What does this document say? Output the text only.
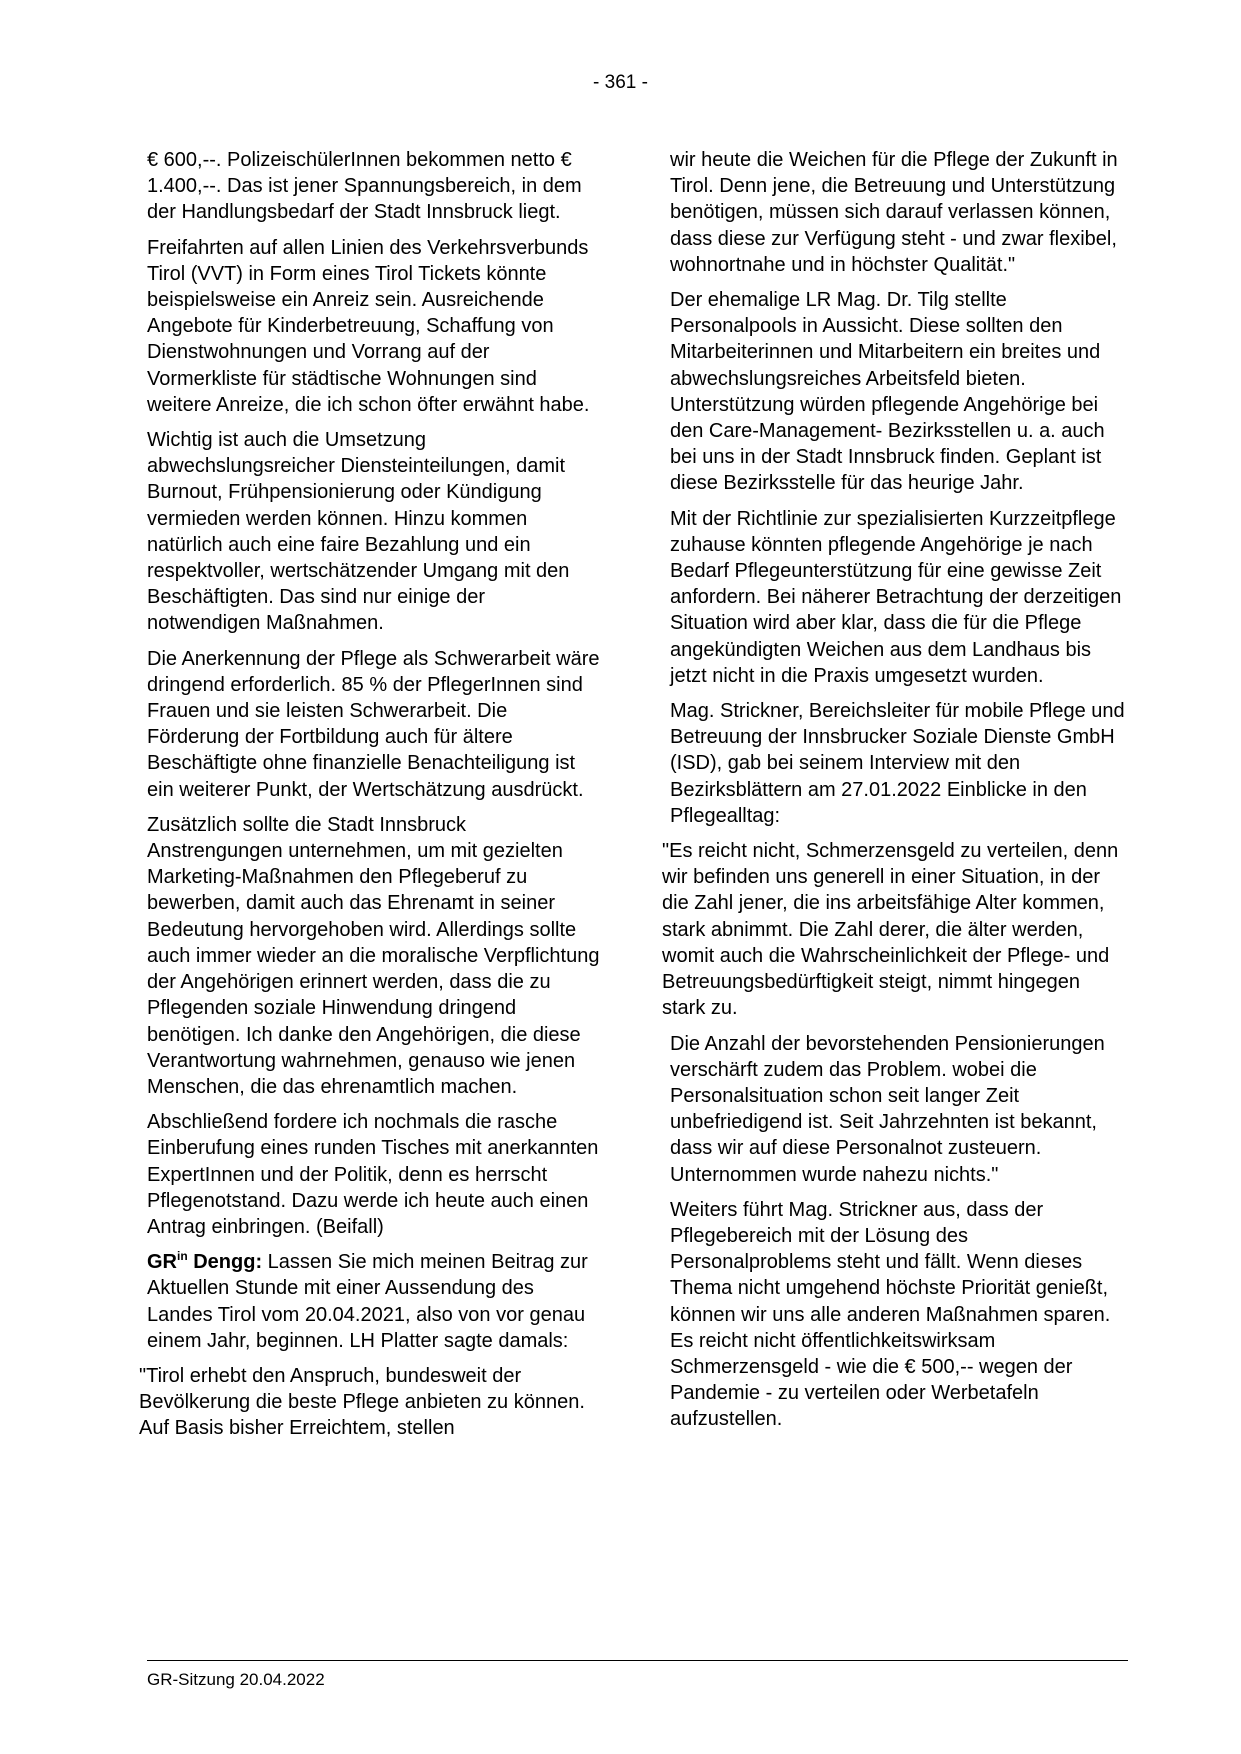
- 361 -

€ 600,--. PolizeischülerInnen bekommen netto € 1.400,--. Das ist jener Spannungsbereich, in dem der Handlungsbedarf der Stadt Innsbruck liegt.

Freifahrten auf allen Linien des Verkehrsverbunds Tirol (VVT) in Form eines Tirol Tickets könnte beispielsweise ein Anreiz sein. Ausreichende Angebote für Kinderbetreuung, Schaffung von Dienstwohnungen und Vorrang auf der Vormerkliste für städtische Wohnungen sind weitere Anreize, die ich schon öfter erwähnt habe.

Wichtig ist auch die Umsetzung abwechslungsreicher Diensteinteilungen, damit Burnout, Frühpensionierung oder Kündigung vermieden werden können. Hinzu kommen natürlich auch eine faire Bezahlung und ein respektvoller, wertschätzender Umgang mit den Beschäftigten. Das sind nur einige der notwendigen Maßnahmen.

Die Anerkennung der Pflege als Schwerarbeit wäre dringend erforderlich. 85 % der PflegerInnen sind Frauen und sie leisten Schwerarbeit. Die Förderung der Fortbildung auch für ältere Beschäftigte ohne finanzielle Benachteiligung ist ein weiterer Punkt, der Wertschätzung ausdrückt.

Zusätzlich sollte die Stadt Innsbruck Anstrengungen unternehmen, um mit gezielten Marketing-Maßnahmen den Pflegeberuf zu bewerben, damit auch das Ehrenamt in seiner Bedeutung hervorgehoben wird. Allerdings sollte auch immer wieder an die moralische Verpflichtung der Angehörigen erinnert werden, dass die zu Pflegenden soziale Hinwendung dringend benötigen. Ich danke den Angehörigen, die diese Verantwortung wahrnehmen, genauso wie jenen Menschen, die das ehrenamtlich machen.

Abschließend fordere ich nochmals die rasche Einberufung eines runden Tisches mit anerkannten ExpertInnen und der Politik, denn es herrscht Pflegenotstand. Dazu werde ich heute auch einen Antrag einbringen. (Beifall)

$GR^{in}$ Dengg: Lassen Sie mich meinen Beitrag zur Aktuellen Stunde mit einer Aussendung des Landes Tirol vom 20.04.2021, also von vor genau einem Jahr, beginnen. LH Platter sagte damals:

"Tirol erhebt den Anspruch, bundesweit der Bevölkerung die beste Pflege anbieten zu können. Auf Basis bisher Erreichtem, stellen

wir heute die Weichen für die Pflege der Zukunft in Tirol. Denn jene, die Betreuung und Unterstützung benötigen, müssen sich darauf verlassen können, dass diese zur Verfügung steht - und zwar flexibel, wohnortnahe und in höchster Qualität."

Der ehemalige LR Mag. Dr. Tilg stellte Personalpools in Aussicht. Diese sollten den Mitarbeiterinnen und Mitarbeitern ein breites und abwechslungsreiches Arbeitsfeld bieten. Unterstützung würden pflegende Angehörige bei den Care-Management- Bezirksstellen u. a. auch bei uns in der Stadt Innsbruck finden. Geplant ist diese Bezirksstelle für das heurige Jahr.

Mit der Richtlinie zur spezialisierten Kurzzeitpflege zuhause könnten pflegende Angehörige je nach Bedarf Pflegeunterstützung für eine gewisse Zeit anfordern. Bei näherer Betrachtung der derzeitigen Situation wird aber klar, dass die für die Pflege angekündigten Weichen aus dem Landhaus bis jetzt nicht in die Praxis umgesetzt wurden.

Mag. Strickner, Bereichsleiter für mobile Pflege und Betreuung der Innsbrucker Soziale Dienste GmbH (ISD), gab bei seinem Interview mit den Bezirksblättern am 27.01.2022 Einblicke in den Pflegealltag:

"Es reicht nicht, Schmerzensgeld zu verteilen, denn wir befinden uns generell in einer Situation, in der die Zahl jener, die ins arbeitsfähige Alter kommen, stark abnimmt. Die Zahl derer, die älter werden, womit auch die Wahrscheinlichkeit der Pflege- und Betreuungsbedürftigkeit steigt, nimmt hingegen stark zu.

Die Anzahl der bevorstehenden Pensionierungen verschärft zudem das Problem. wobei die Personalsituation schon seit langer Zeit unbefriedigend ist. Seit Jahrzehnten ist bekannt, dass wir auf diese Personalnot zusteuern. Unternommen wurde nahezu nichts."

Weiters führt Mag. Strickner aus, dass der Pflegebereich mit der Lösung des Personalproblems steht und fällt. Wenn dieses Thema nicht umgehend höchste Priorität genießt, können wir uns alle anderen Maßnahmen sparen. Es reicht nicht öffentlichkeitswirksam Schmerzensgeld - wie die € 500,-- wegen der Pandemie - zu verteilen oder Werbetafeln aufzustellen.

GR-Sitzung 20.04.2022
